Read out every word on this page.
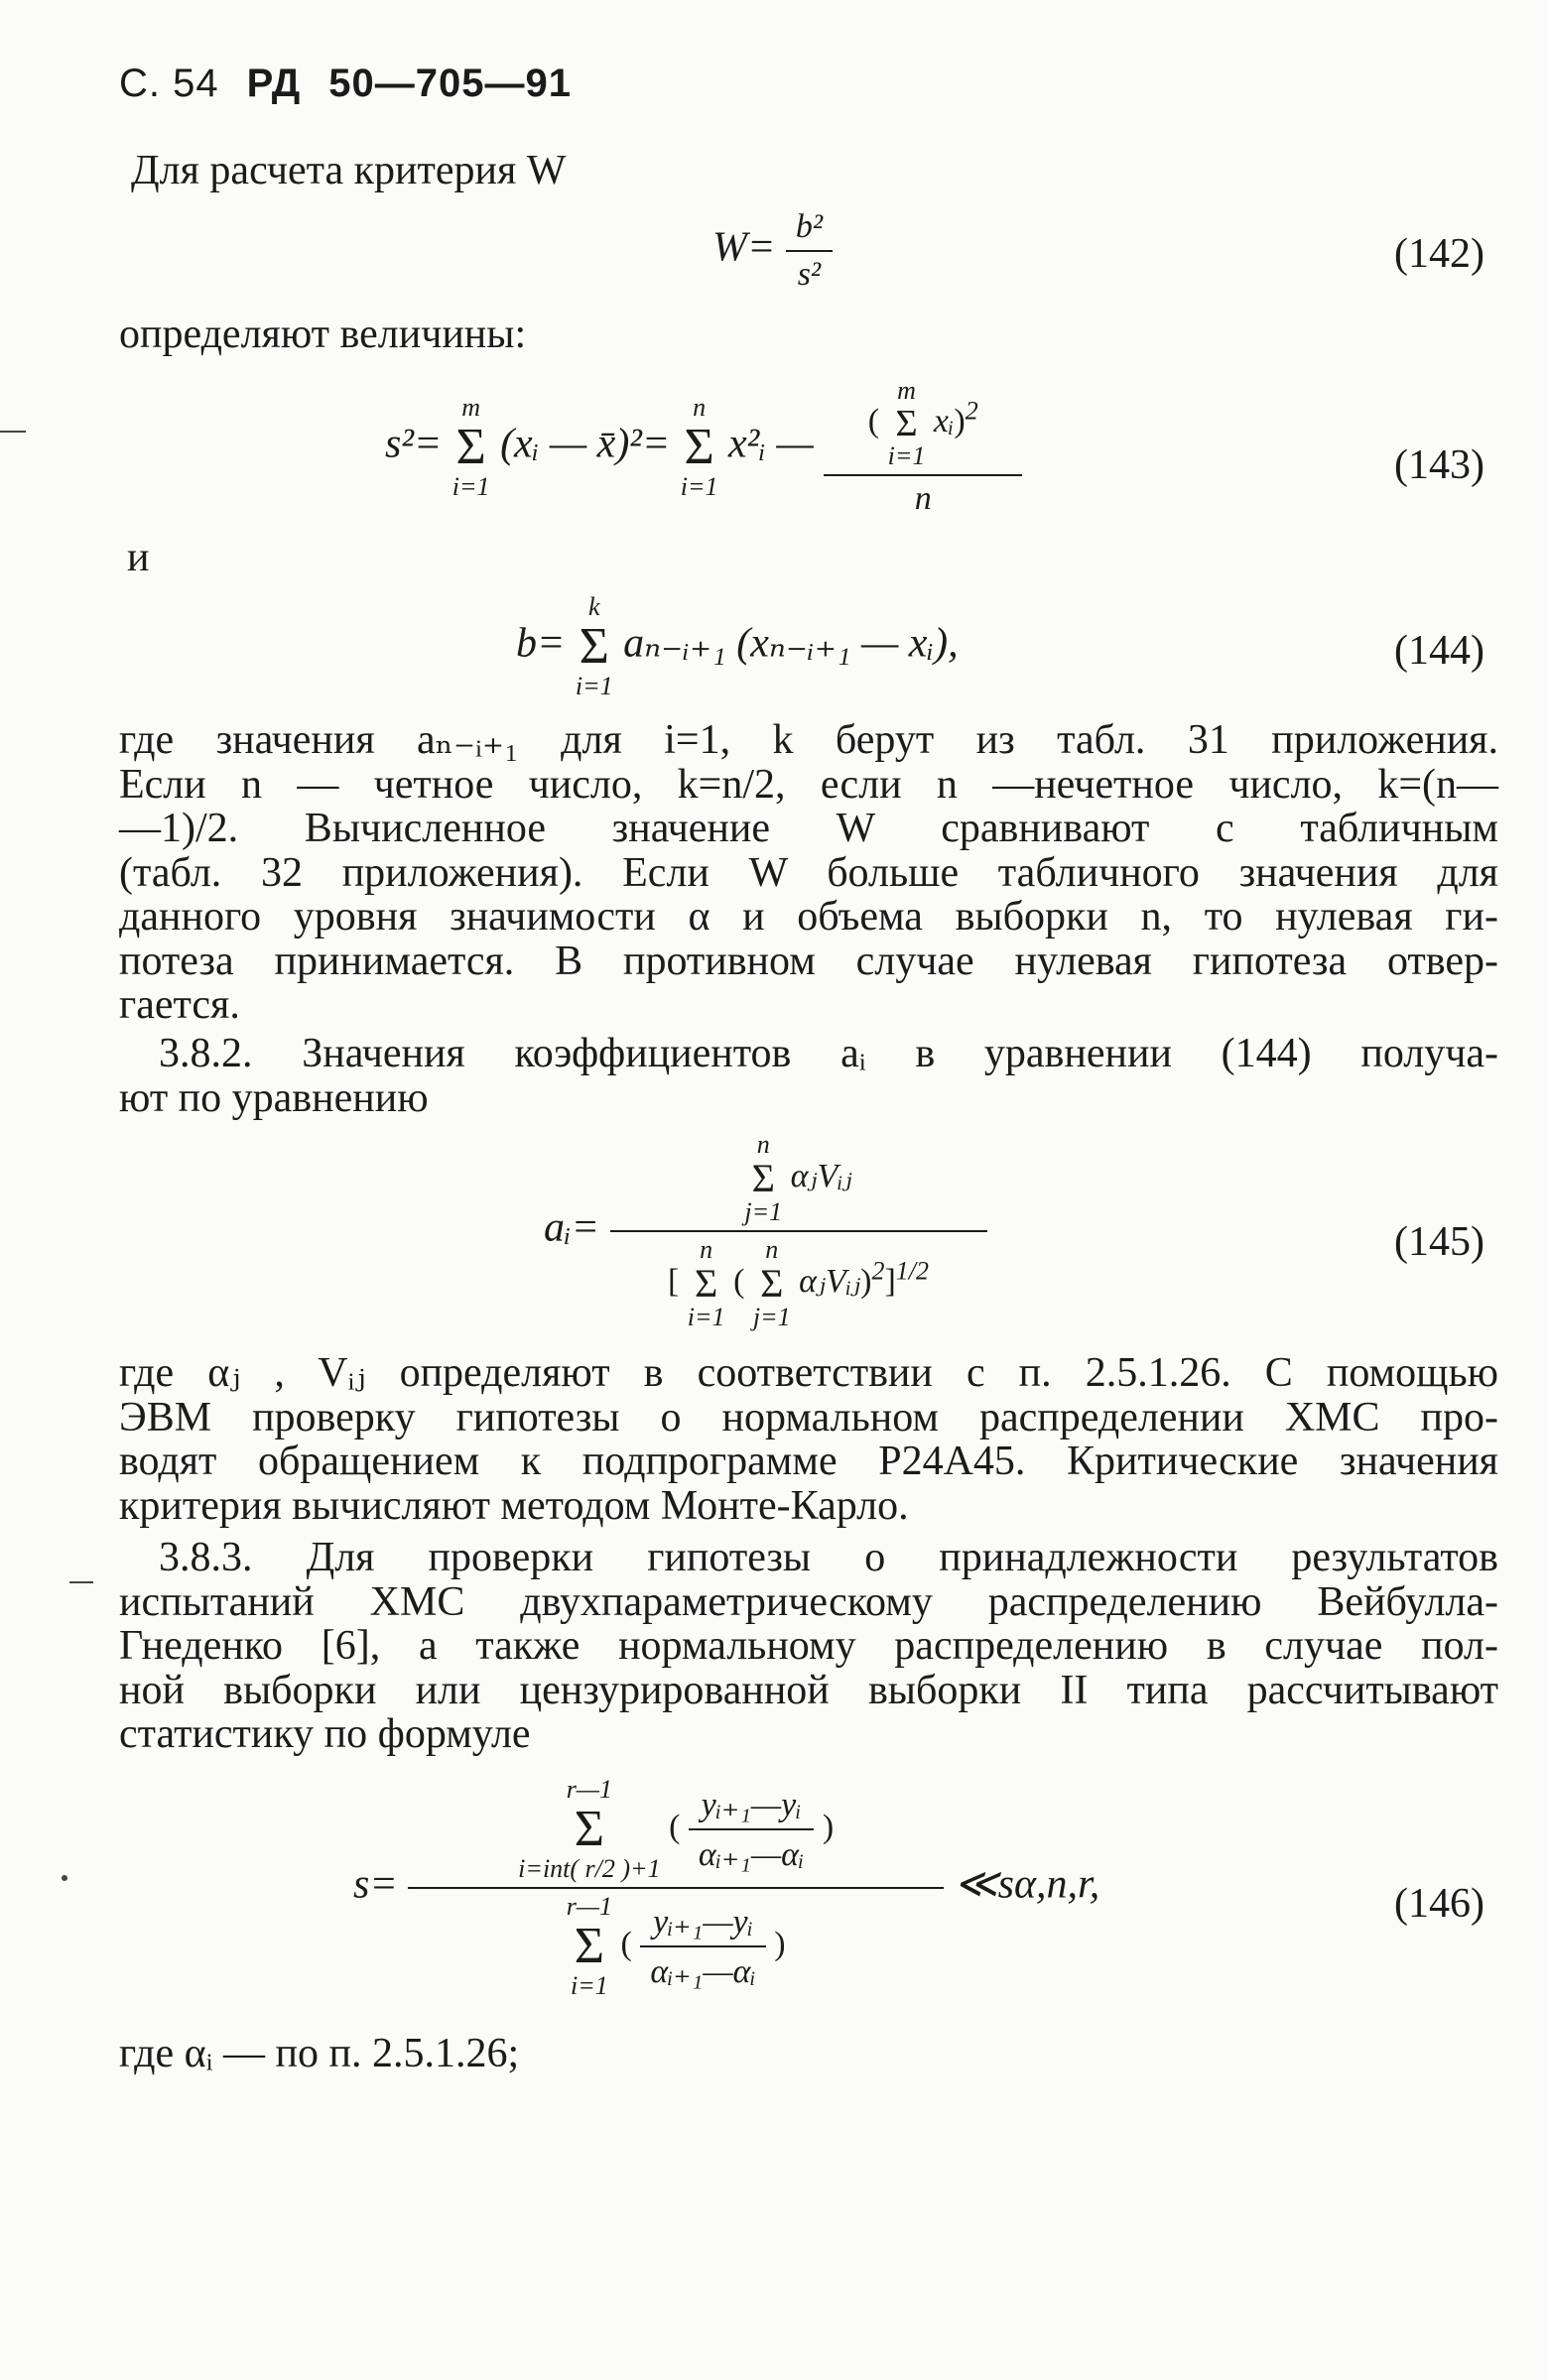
С. 54 РД 50—705—91
Для расчета критерия W
$W= \frac{\text{b²}}{\text{s²}}$	(142)
определяют величины:
s²=
m
Σ
i=1
(xᵢ — x̄)²=
n
Σ
i=1
x²ᵢ — (
m
Σ
i=1
xᵢ)$^2$
n	(143)
и
b=
k
Σ
i=1
aₙ₋ᵢ₊₁ (xₙ₋ᵢ₊₁ — xᵢ),	(144)
где значения aₙ₋ᵢ₊₁ для i=1, k берут из табл. 31 приложения.
Если n — четное число, k=n/2, если n —нечетное число, k=(n—
—1)/2. Вычисленное значение W сравнивают с табличным
(табл. 32 приложения). Если W больше табличного значения для
данного уровня значимости α и объема выборки n, то нулевая ги-
потеза принимается. В противном случае нулевая гипотеза отвер-
гается.
3.8.2. Значения коэффициентов aᵢ в уравнении (144) получа-
ют по уравнению
aᵢ= n
Σ
j=1
αⱼVᵢⱼ
[
n
Σ
i=1
(
n
Σ
j=1
αⱼVᵢⱼ)$^2$]$^{1/2}$	(145)
где αⱼ , Vᵢⱼ определяют в соответствии с п. 2.5.1.26. С помощью
ЭВМ проверку гипотезы о нормальном распределении ХМС про-
водят обращением к подпрограмме Р24А45. Критические значения
критерия вычисляют методом Монте-Карло.
3.8.3. Для проверки гипотезы о принадлежности результатов
испытаний ХМС двухпараметрическому распределению Вейбулла-
Гнеденко [6], а также нормальному распределению в случае пол-
ной выборки или цензурированной выборки II типа рассчитывают
статистику по формуле
s=
r—1
Σ
i=int( r/2 )+1
( $\frac{\text{yᵢ₊₁—yᵢ}}{\text{αᵢ₊₁—αᵢ}}$ )
r—1
Σ
i=1
( $\frac{\text{yᵢ₊₁—yᵢ}}{\text{αᵢ₊₁—αᵢ}}$ )
≪sα,n,r,	(146)
где αᵢ — по п. 2.5.1.26;
